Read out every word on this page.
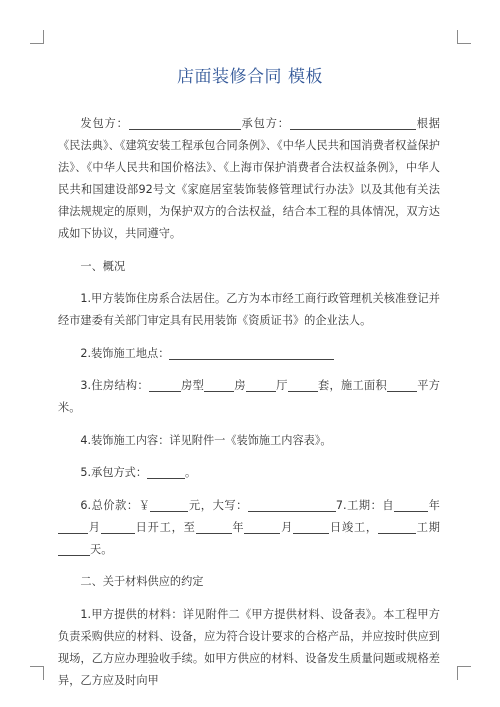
店面装修合同 模板

发包方：	承包方：	根据《民法典》、《建筑安装工程承包合同条例》、《中华人民共和国消费者权益保护法》、《中华人民共和国价格法》、《上海市保护消费者合法权益条例》，中华人民共和国建设部92号文《家庭居室装饰装修管理试行办法》以及其他有关法律法规规定的原则，为保护双方的合法权益，结合本工程的具体情况，双方达成如下协议，共同遵守。

一、概况

1.甲方装饰住房系合法居住。乙方为本市经工商行政管理机关核准登记并经市建委有关部门审定具有民用装饰《资质证书》的企业法人。

2.装饰施工地点：

3.住房结构：	房型	房	厅	套，施工面积	平方米。

4.装饰施工内容：详见附件一《装饰施工内容表》。

5.承包方式：	。

6.总价款：￥	元，大写：	7.工期：自	年月	日开工，至	年	月	日竣工，	工期天。

二、关于材料供应的约定

1.甲方提供的材料：详见附件二《甲方提供材料、设备表》。本工程甲方负责采购供应的材料、设备，应为符合设计要求的合格产品，并应按时供应到现场，乙方应办理验收手续。如甲方供应的材料、设备发生质量问题或规格差异，乙方应及时向甲
